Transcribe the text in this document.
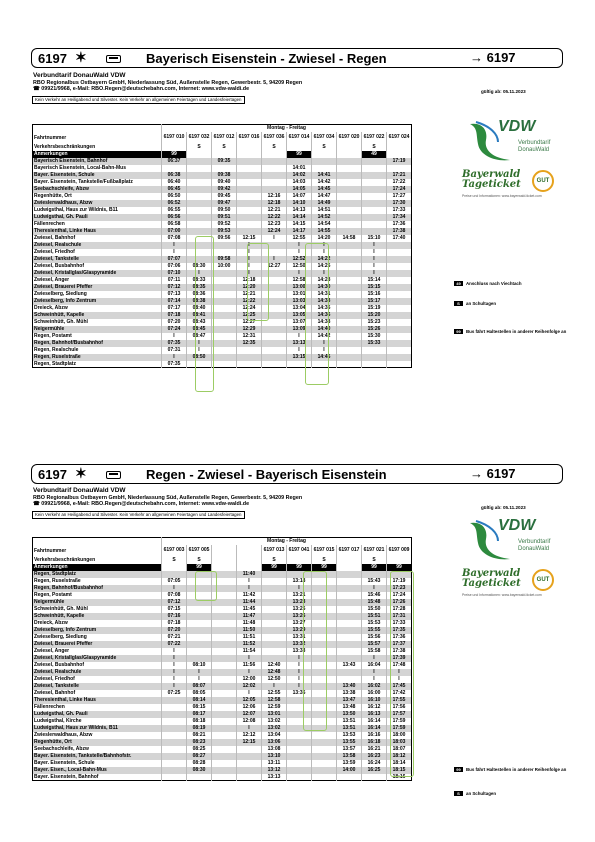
6197 ✶	Bayerisch Eisenstein - Zwiesel - Regen	→ 6197
Verbundtarif DonauWald VDW
RBO Regionalbus Ostbayern GmbH, Niederlassung Süd, Außenstelle Regen, Gewerbestr. 5, 94209 Regen
☎ 09921/9968, e-Mail: RBO.Regen@deutschebahn.com, Internet: www.vdw-waldi.de
Kein Verkehr an Heiligabend und Silvester. Kein Verkehr an allgemeinen Feiertagen und Landesfeiertagen
gültig ab: 05.11.2023
	Montag - Freitag									
Fahrtnummer	6197 010	6197 032	6197 012	6197 016	6197 036	6197 014	6197 034	6197 020	6197 022	6197 024
Verkehrsbeschränkungen		S	S		S		S		S	
Anmerkungen	99					99			49	
Bayerisch Eisenstein, Bahnhof	06:37		09:35							17:19
Bayerisch Eisenstein, Local-Bahn-Mus						14:01				
Bayer. Eisenstein, Schule	06:38		09:38			14:02	14:41			17:21
Bayer. Eisenstein, Tankstelle/Fußballplatz	06:40		09:40			14:03	14:42			17:22
Seebachschleife, Abzw	06:45		09:42			14:05	14:45			17:24
Regenhütte, Ort	06:50		09:45		12:16	14:07	14:47			17:27
Zwieslerwaldhaus, Abzw	06:52		09:47		12:18	14:10	14:49			17:30
Ludwigsthal, Haus zur Wildnis, B11	06:55		09:50		12:21	14:13	14:51			17:33
Ludwigsthal, Gh. Pauli	06:56		09:51		12:22	14:14	14:52			17:34
Fällenrechen	06:58		09:52		12:23	14:15	14:54			17:36
Theresienthal, Linke Haus	07:00		09:53		12:24	14:17	14:55			17:38
Zwiesel, Bahnhof	07:08		09:56	12:15	I	12:55	14:20	14:58	15:10	17:40
Zwiesel, Realschule	I			I		I	I		I	
Zwiesel, Friedhof	I			I		I	I		I	
Zwiesel, Tankstelle	07:07		09:58	I	I	12:52	14:22		I	
Zwiesel, Busbahnhof	07:06	08:30	10:00	I	12:27	12:50	14:25		I	
Zwiesel, Kristallglas/Glaspyramide	07:10	I		I		I	I		I	
Zwiesel, Anger	07:11	08:33		12:18		12:58	14:28		15:14	
Zwiesel, Brauerei Pfeffer	07:12	08:35		12:20		13:00	14:30		15:15	
Zwieselberg, Siedlung	07:13	08:36		12:21		13:01	14:31		15:16	
Zwieselberg, Info Zentrum	07:14	08:38		12:22		13:03	14:33		15:17	
Dreieck, Abzw	07:17	08:40		12:24		13:04	14:35		15:19	
Schweinhütt, Kapelle	07:18	08:41		12:25		13:05	14:36		15:20	
Schweinhütt, Gh. Mühl	07:20	08:43		12:27		13:07	14:38		15:23	
Neigermühle	07:24	08:45		12:29		13:09	14:40		15:26	
Regen, Postamt	I	08:47		12:31		I	14:42		15:30	
Regen, Bahnhof/Busbahnhof	07:35	I		12:35		13:13	I		15:33	
Regen, Realschule	07:31	I				I	I			
Regen, Ruselstraße	I	08:50				13:15	14:45			
Regen, Stadtplatz	07:35									
VDW
Verbundtarif
DonauWald
Bayerwald
Tageticket	GUT
Preise und Informationen: www.bayerwald-ticket.com
49 Anschluss nach Viechtach
S an Schultagen
99 Bus fährt Haltestellen in anderer Reihenfolge an
6197 ✶	Regen - Zwiesel - Bayerisch Eisenstein	→ 6197
Verbundtarif DonauWald VDW
RBO Regionalbus Ostbayern GmbH, Niederlassung Süd, Außenstelle Regen, Gewerbestr. 5, 94209 Regen
☎ 09921/9968, e-Mail: RBO.Regen@deutschebahn.com, Internet: www.vdw-waldi.de
Kein Verkehr an Heiligabend und Silvester. Kein Verkehr an allgemeinen Feiertagen und Landesfeiertagen
gültig ab: 05.11.2023
	Montag - Freitag									
Fahrtnummer	6197 003	6197 005			6197 013	6197 041	6197 015	6197 017	6197 021	6197 009
Verkehrsbeschränkungen	S	S			S		S		S	
Anmerkungen		99			99	99	99		99	99
Regen, Stadtplatz				11:40						
Regen, Ruselstraße	07:05			I		13:18			15:43	17:19
Regen, Bahnhof/Busbahnhof	I			I		I			I	17:23
Regen, Postamt	07:08			11:42		13:21			15:46	17:24
Neigermühle	07:12			11:44		13:23			15:48	17:26
Schweinhütt, Gh. Mühl	07:15			11:45		13:25			15:50	17:28
Schweinhütt, Kapelle	07:16			11:47		13:26			15:51	17:31
Dreieck, Abzw	07:18			11:48		13:27			15:53	17:33
Zwieselberg, Info Zentrum	07:20			11:50		13:29			15:55	17:35
Zwieselberg, Siedlung	07:21			11:51		13:31			15:56	17:36
Zwiesel, Brauerei Pfeffer	07:22			11:52		13:32			15:57	17:37
Zwiesel, Anger	I			11:54		13:33			15:58	17:38
Zwiesel, Kristallglas/Glaspyramide	I			I		I			I	17:39
Zwiesel, Busbahnhof	I	08:10		11:56	12:40	I		13:43	16:04	17:48
Zwiesel, Realschule	I	I		I	12:48	I			I	I
Zwiesel, Friedhof	I	I		12:00	12:50	I			I	I
Zwiesel, Tankstelle	I	08:07		12:02	I	I		13:40	16:02	17:45
Zwiesel, Bahnhof	07:25	08:05		I	12:55	13:35		13:38	16:00	17:42
Theresienthal, Linke Haus		08:14		12:05	12:58			13:47	16:10	17:55
Fällenrechen		08:15		12:06	12:59			13:48	16:12	17:56
Ludwigsthal, Gh. Pauli		08:17		12:07	13:01			13:50	16:13	17:57
Ludwigsthal, Kirche		08:18		12:08	13:02			13:51	16:14	17:59
Ludwigsthal, Haus zur Wildnis, B11		08:19		I	13:02			13:51	16:14	17:59
Zwieslerwaldhaus, Abzw		08:21		12:12	13:04			13:53	16:16	18:00
Regenhütte, Ort		08:23		12:15	13:06			13:55	16:18	18:03
Seebachschleife, Abzw		08:25			13:08			13:57	16:21	18:07
Bayer. Eisenstein, Tankstelle/Bahnhofstr.		08:27			13:10			13:58	16:23	18:12
Bayer. Eisenstein, Schule		08:28			13:11			13:59	16:24	18:14
Bayer. Eisen., Local-Bahn-Mus		08:30			13:12			14:00	16:25	18:15
Bayer. Eisenstein, Bahnhof					13:13					18:16
VDW
Verbundtarif
DonauWald
Bayerwald
Tageticket	GUT
Preise und Informationen: www.bayerwald-ticket.com
99 Bus fährt Haltestellen in anderer Reihenfolge an
S an Schultagen
